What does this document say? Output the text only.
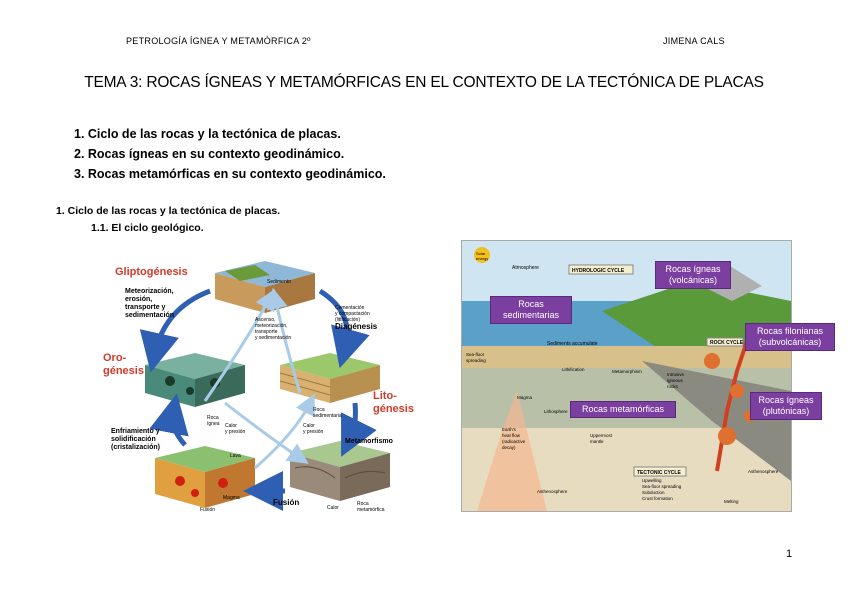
PETROLOGÍA ÍGNEA Y METAMÓRFICA 2º	JIMENA CALS
TEMA 3: ROCAS ÍGNEAS Y METAMÓRFICAS EN EL CONTEXTO DE LA TECTÓNICA DE PLACAS
1. Ciclo de las rocas y la tectónica de placas.
2. Rocas ígneas en su contexto geodinámico.
3. Rocas metamórficas en su contexto geodinámico.
1. Ciclo de las rocas y la tectónica de placas.
1.1. El ciclo geológico.
Gliptogénesis
Meteorización, erosión, transporte y sedimentación
Sedimento
Cementación y compactación (litificación)
Diagénesis
Ascenso, meteorización, transporte y sedimentación
Oro- génesis
Lito- génesis
Roca ígnea
Roca sedimentaria
Calor y presión
Calor y presión
Metamorfismo
Enfriamiento y solidificación (cristalización)
Lava
Magma
Fusión
Fusión
Calor
Roca metamórfica
Solar energy
Atmosphere	HYDROLOGIC CYCLE
ROCK CYCLE
TECTONIC CYCLE
Upwelling Sea-floor spreading Subduction Crust formation
Sediments accumulate
Sea-floor spreading
Lithification	Metamorphism
Magma
Lithosphere
Uppermost mantle
Asthenosphere
Asthenosphere
Earth's heat flow (radioactive decay)
Intrusive igneous rocks
Melting
Rocas ígneas
(volcánicas)
Rocas
sedimentarias
Rocas metamórficas
Rocas filonianas
(subvolcánicas)
Rocas ígneas
(plutónicas)
1
